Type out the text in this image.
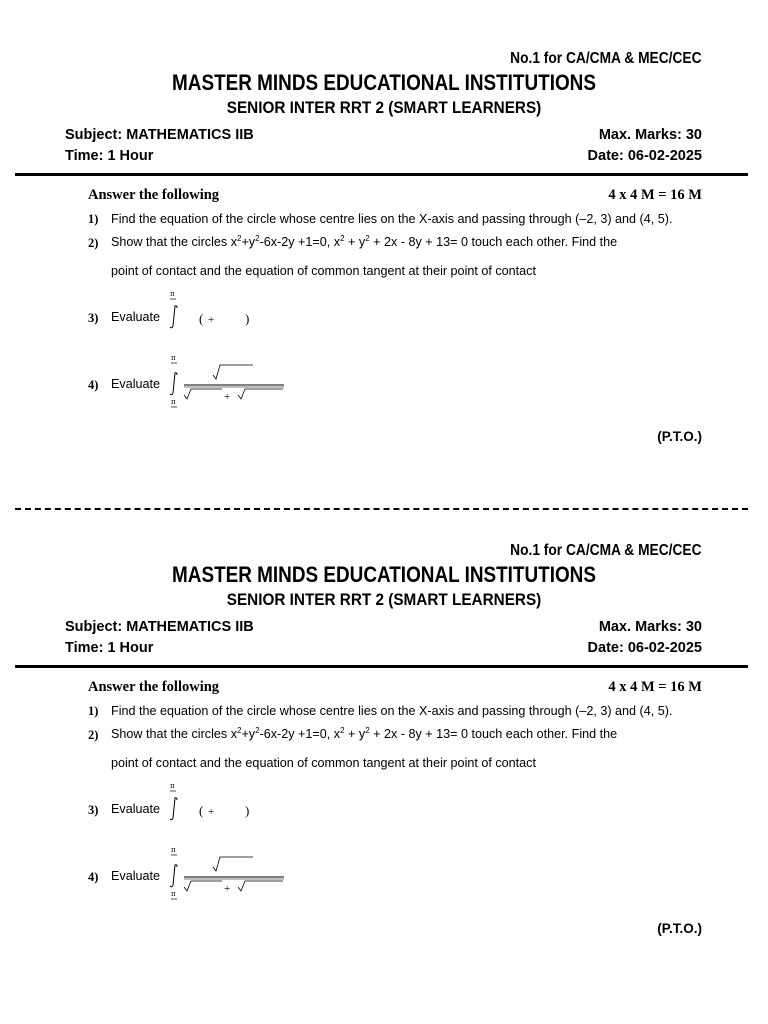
No.1 for CA/CMA & MEC/CEC
MASTER MINDS EDUCATIONAL INSTITUTIONS
SENIOR INTER RRT 2 (SMART LEARNERS)
Subject: MATHEMATICS IIB
Time: 1 Hour
Max. Marks: 30
Date: 06-02-2025
Answer the following	4 x 4 M = 16 M
1) Find the equation of the circle whose centre lies on the X-axis and passing through (–2, 3) and (4, 5).
2) Show that the circles $x^2+y^2-6x-2y +1=0$, $x^2 + y^2 + 2x - 8y + 13= 0$ touch each other. Find the
point of contact and the equation of common tangent at their point of contact
3) Evaluate
π
( + )
4) Evaluate
π
π	+
(P.T.O.)
No.1 for CA/CMA & MEC/CEC
MASTER MINDS EDUCATIONAL INSTITUTIONS
SENIOR INTER RRT 2 (SMART LEARNERS)
Subject: MATHEMATICS IIB
Time: 1 Hour
Max. Marks: 30
Date: 06-02-2025
Answer the following	4 x 4 M = 16 M
1) Find the equation of the circle whose centre lies on the X-axis and passing through (–2, 3) and (4, 5).
2) Show that the circles $x^2+y^2-6x-2y +1=0$, $x^2 + y^2 + 2x - 8y + 13= 0$ touch each other. Find the
point of contact and the equation of common tangent at their point of contact
3) Evaluate
π
( + )
4) Evaluate
π
π	+
(P.T.O.)
